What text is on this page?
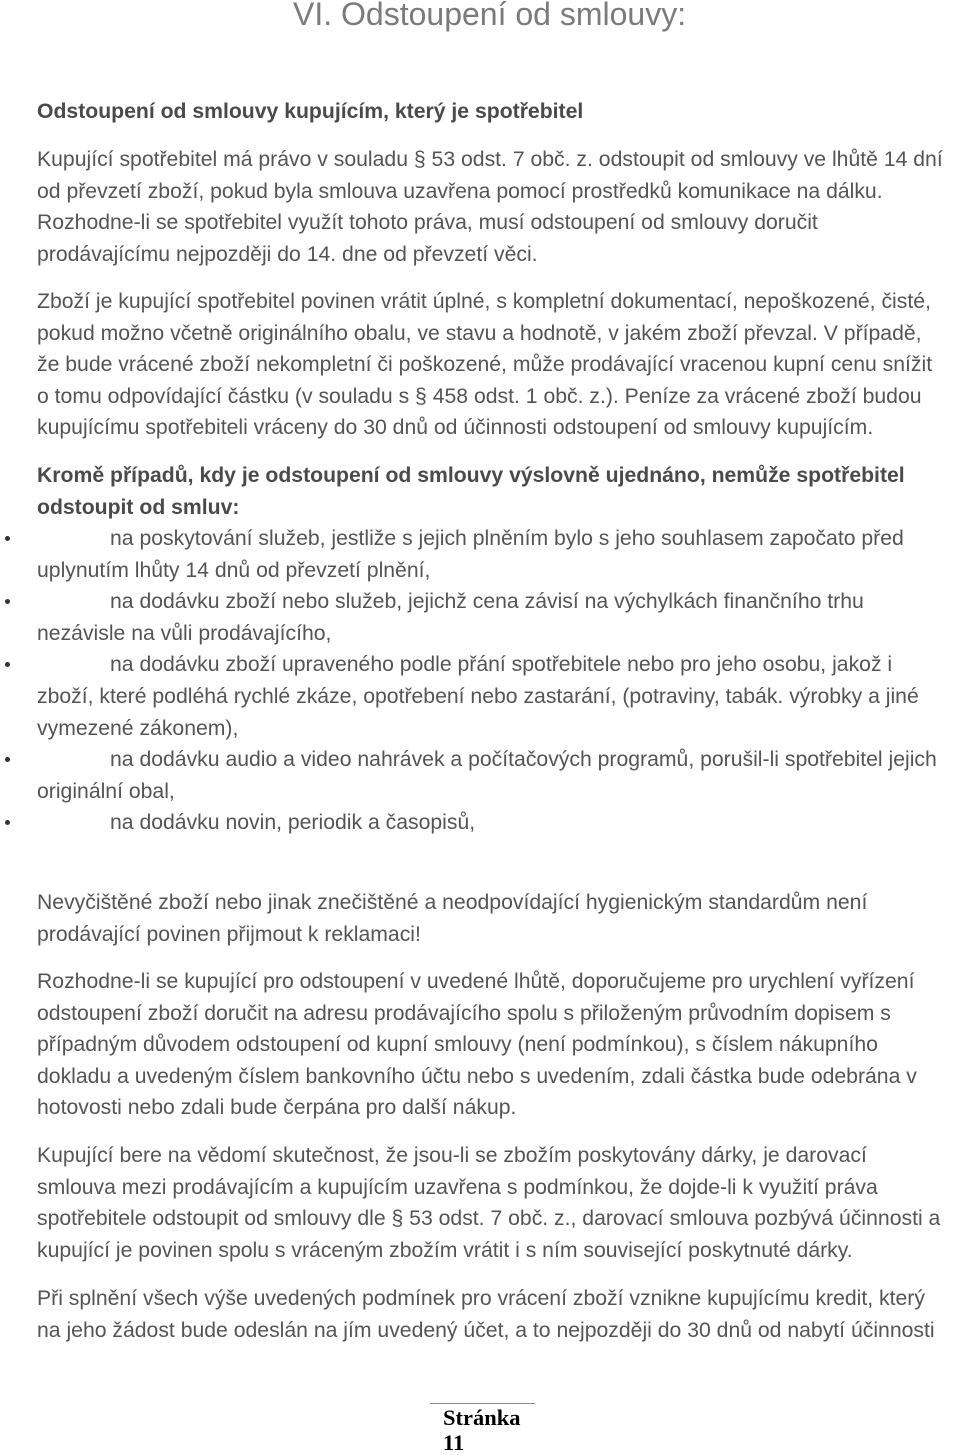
VI. Odstoupení od smlouvy:
Odstoupení od smlouvy kupujícím, který je spotřebitel
Kupující spotřebitel má právo v souladu § 53 odst. 7 obč. z. odstoupit od smlouvy ve lhůtě 14 dní
od převzetí zboží, pokud byla smlouva uzavřena pomocí prostředků komunikace na dálku.
Rozhodne-li se spotřebitel využít tohoto práva, musí odstoupení od smlouvy doručit
prodávajícímu nejpozději do 14. dne od převzetí věci.
Zboží je kupující spotřebitel povinen vrátit úplné, s kompletní dokumentací, nepoškozené, čisté,
pokud možno včetně originálního obalu, ve stavu a hodnotě, v jakém zboží převzal. V případě,
že bude vrácené zboží nekompletní či poškozené, může prodávající vracenou kupní cenu snížit
o tomu odpovídající částku (v souladu s § 458 odst. 1 obč. z.). Peníze za vrácené zboží budou
kupujícímu spotřebiteli vráceny do 30 dnů od účinnosti odstoupení od smlouvy kupujícím.
Kromě případů, kdy je odstoupení od smlouvy výslovně ujednáno, nemůže spotřebitel
odstoupit od smluv:
na poskytování služeb, jestliže s jejich plněním bylo s jeho souhlasem započato před
uplynutím lhůty 14 dnů od převzetí plnění,
na dodávku zboží nebo služeb, jejichž cena závisí na výchylkách finančního trhu
nezávisle na vůli prodávajícího,
na dodávku zboží upraveného podle přání spotřebitele nebo pro jeho osobu, jakož i
zboží, které podléhá rychlé zkáze, opotřebení nebo zastarání, (potraviny, tabák. výrobky a jiné
vymezené zákonem),
na dodávku audio a video nahrávek a počítačových programů, porušil-li spotřebitel jejich
originální obal,
na dodávku novin, periodik a časopisů,
Nevyčištěné zboží nebo jinak znečištěné a neodpovídající hygienickým standardům není
prodávající povinen přijmout k reklamaci!
Rozhodne-li se kupující pro odstoupení v uvedené lhůtě, doporučujeme pro urychlení vyřízení
odstoupení zboží doručit na adresu prodávajícího spolu s přiloženým průvodním dopisem s
případným důvodem odstoupení od kupní smlouvy (není podmínkou), s číslem nákupního
dokladu a uvedeným číslem bankovního účtu nebo s uvedením, zdali částka bude odebrána v
hotovosti nebo zdali bude čerpána pro další nákup.
Kupující bere na vědomí skutečnost, že jsou-li se zbožím poskytovány dárky, je darovací
smlouva mezi prodávajícím a kupujícím uzavřena s podmínkou, že dojde-li k využití práva
spotřebitele odstoupit od smlouvy dle § 53 odst. 7 obč. z., darovací smlouva pozbývá účinnosti a
kupující je povinen spolu s vráceným zbožím vrátit i s ním související poskytnuté dárky.
Při splnění všech výše uvedených podmínek pro vrácení zboží vznikne kupujícímu kredit, který
na jeho žádost bude odeslán na jím uvedený účet, a to nejpozději do 30 dnů od nabytí účinnosti
Stránka
11
